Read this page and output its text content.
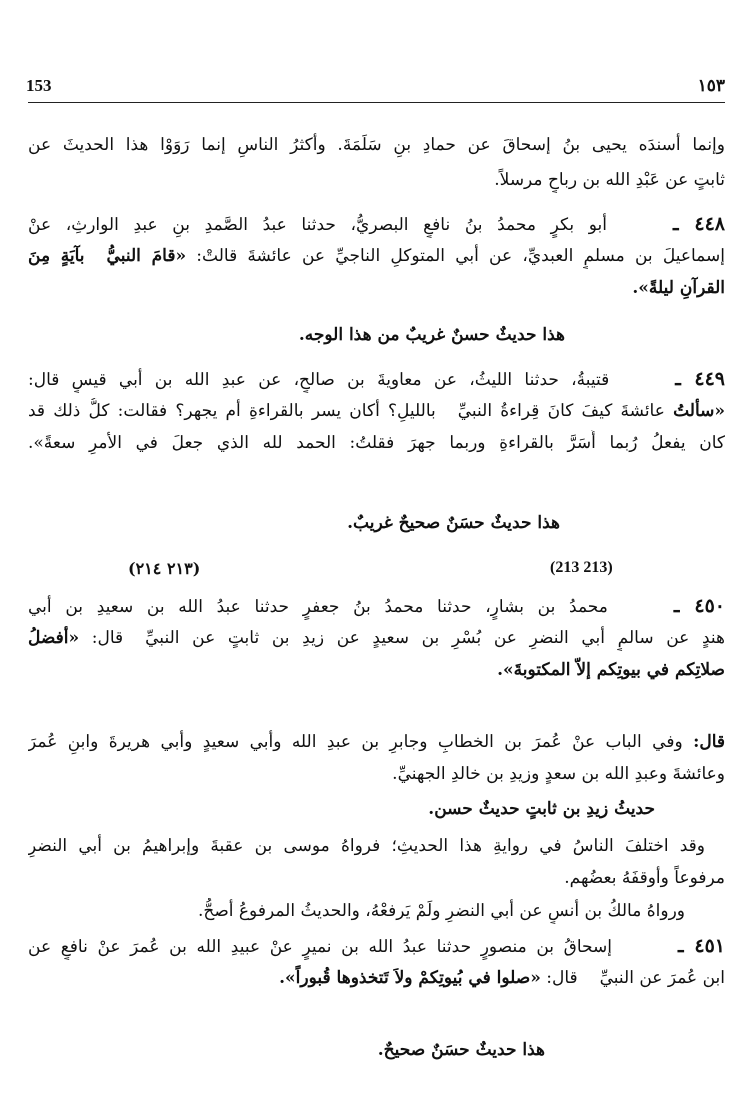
153	١٥٣
وإنما أسندَه يحيى بنُ إسحاقَ عن حمادِ بنِ سَلَمَةَ. وأكثرُ الناسِ إنما رَوَوْا هذا الحديثَ عن
ثابتٍ عن عَبْدِ الله بن رباحٍ مرسلاً.
٤٤٨ ـأبو بكرٍ محمدُ بنُ نافعٍ البصريُّ، حدثنا عبدُ الصَّمدِ بنِ عبدِ الوارثِ، عنْ
إسماعيلَ بن مسلمٍ العبديِّ، عن أبي المتوكلِ الناجيِّ عن عائشةَ قالتْ: «قامَ النبيُّبآيَةٍ مِنَ
القرآنِ ليلةً».
هذا حديثٌ حسنٌ غريبٌ من هذا الوجه.
٤٤٩ ـقتيبةُ، حدثنا الليثُ، عن معاويةَ بن صالحٍ، عن عبدِ الله بن أبي قيسٍ قال:
«سألتُ عائشةَ كيفَ كانَ قِراءةُ النبيِّبالليلِ؟ أكان يسر بالقراءةِ أم يجهر؟ فقالت: كلُّ ذلك قد
كان يفعلُ رُبما أَسَرَّ بالقراءةِ وربما جهرَ فقلتُ: الحمد لله الذي جعلَ في الأمرِ سعةً».
هذا حديثٌ حسَنٌ صحيحٌ غريبٌ.
(213 213)
(٢١٣ ٢١٤)
٤٥٠ ـمحمدُ بن بشارٍ، حدثنا محمدُ بنُ جعفرٍ حدثنا عبدُ الله بن سعيدِ بن أبي
هندٍ عن سالمٍ أبي النضرِ عن بُسْرِ بن سعيدٍ عن زيدِ بن ثابتٍ عن النبيِّقال: «أفضلُ
صلاتِكم في بيوتِكم إلاّ المكتوبةَ».
قال: وفي الباب عنْ عُمرَ بن الخطابِ وجابرِ بن عبدِ الله وأبي سعيدٍ وأبي هريرةَ وابنِ عُمرَ
وعائشةَ وعبدِ الله بن سعدٍ وزيدِ بن خالدِ الجهنيِّ.
حديثُ زيدِ بن ثابتٍ حديثٌ حسن.
وقد اختلفَ الناسُ في روايةِ هذا الحديثِ؛ فرواهُ موسى بن عقبةَ وإبراهيمُ بن أبي النضرِ
مرفوعاً وأوقفَهُ بعضُهم.
ورواهُ مالكُ بن أنسٍ عن أبي النضرِ ولَمْ يَرفعْهُ، والحديثُ المرفوعُ أصحُّ.
٤٥١ ـإسحاقُ بن منصورٍ حدثنا عبدُ الله بن نميرٍ عنْ عبيدِ الله بن عُمرَ عنْ نافعٍ عن
ابن عُمرَ عن النبيِّقال: «صلوا في بُيوتِكمْ ولاَ تَتخذوها قُبوراً».
هذا حديثٌ حسَنٌ صحيحٌ.
